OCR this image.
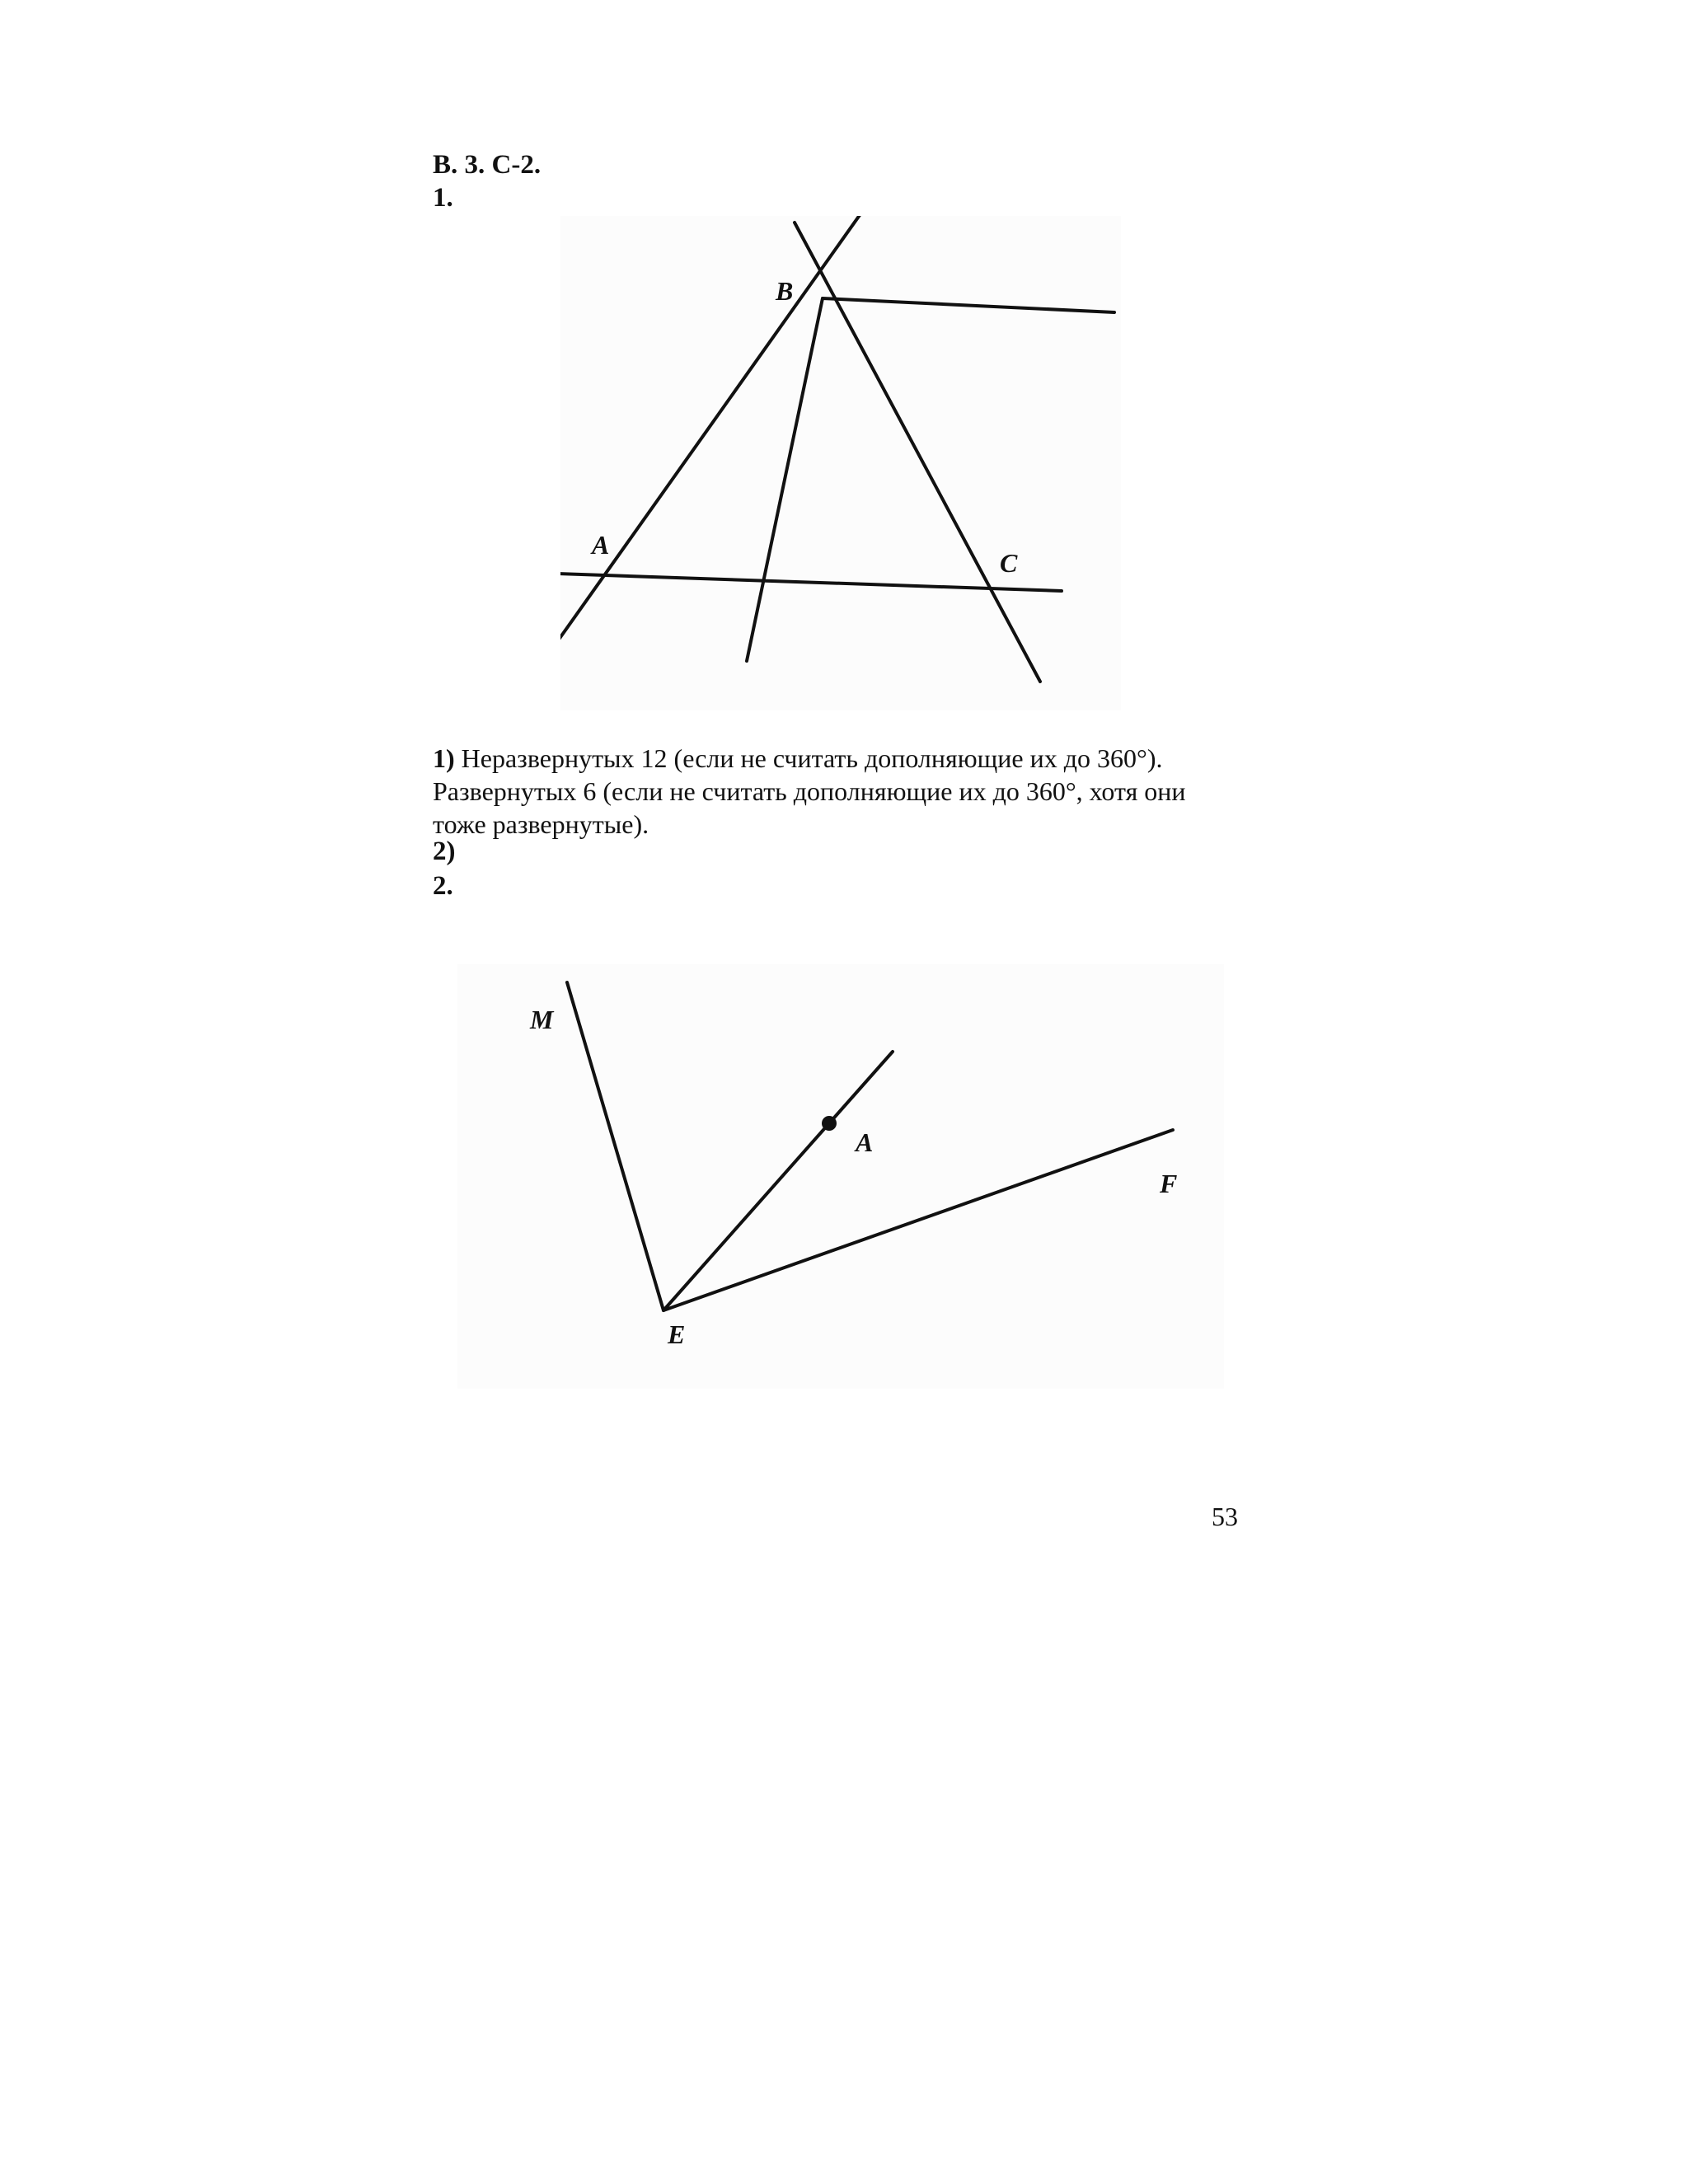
В. 3. С-2.
1.
B
A
C
1) Неразвернутых 12 (если не считать дополняющие их до 360°).
Развернутых 6 (если не считать дополняющие их до 360°, хотя они
тоже развернутые).
2)
2.
M
A
F
E
53
